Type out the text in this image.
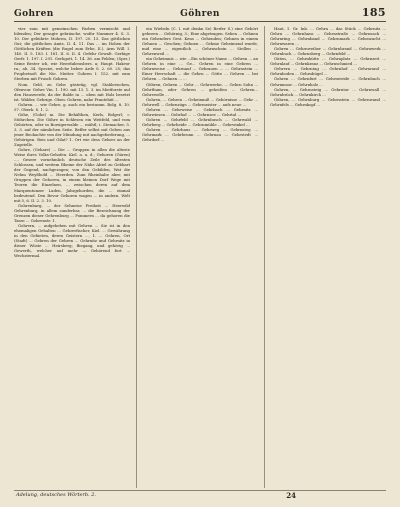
Gohren	Göhren	185

vier zum mit gemeinschen Farben vermischt und bilenden; Der gesagte gebräuche, wofür Nummer 4. S. 3. 10. Der gebührte Mohren, II. 197. 20. 13. Das göttlichen Gut; die göttlichen Amts, II. 4. 11. Das ... im Hohen der Göttlichen Kräften (die Rugel zum Erbe, II.). Arm Will. I. 140. II. 5. 183. I. 181. II. 6. II. 4. Gefehr Gewalt. Gerbige Gerfr. 1. 197. I. 291. Gerbgott, 1. 14. 36. am Felden; (Sprz.) Seine Bester ich, wie Heerdubeusbers. a; Haupt. Hakvor ra.; ab. 34. Speciei, welche bebee Arde S. 2. 60. 25; das Prophetnoß die Nie. Mutter. Gohren I. 152. mit zum Sterben mit Frusch Gohren.

Nom. Geld, zu Gebe gästetig, vgl. Stahlerischen, Ofenvon: Gehre Vin. 1. 190. mit 13. 1. 3. im Mietforste auf den Hauswerde, da der Balde in ... oben mit Holz besetzt ist. Wälder, Gehrige. Oben: Gohren, nahe Frantehüt ...

Gohren. ... wie Gehre, g. auch ein bestumm. Bolg. 8. 10. 57. Oberb. S. 1. 2.

Göhe, (Gohe) m. Die Behälthen, Kerls, Bolgerl; = Stöhrchen. Die Göhre in Schlesen ein Weitfeld, und vom Gehörten, oder in Borsigerwalde ... mühtl; i. Stemacher, 5. 3. 3. auf der nämlichen Seite. Beffer selbst mit Geben aus jener Beobachte von der Mündung mit nachgeforderung, ... Gehörigen. Reis und Gilat? 1. Ort wie dess Gehrer an der Zugstelle.

Gohre, (Gehare) ... Die ... Gruppen in allen die alteste Weise ihres Volks-Gehofen. Kiel. a. a. d.; Gehoren (Güren) ..., Gesere vornehmlich deutsche Zeile des ältesten Schlossen, und weitem Rheine der Nähe Abtel zu Gebhart der Gegend, nachgezogen; von den Gebilden, Wat die Nehm Weyßbold ... Heerden. Zum Rheinhabe aber, mit Gruppen der Gehoren, in einem kleinen Dorf Wege mit Teoren die Einzelnen, ... zwischen deren auf dem Marquentunzer Laden, Jahrgehorden, die ... einmal bedeutend. Den Bevor Gehoren wagen ... in andern. Welt mit 5, 6. II. 2. 3. 10.

Gohrenburg, ... der Sehneise Freiheit ... Heerwild Gehrenburg, in allem sunderbar, ... die Bezeichnung der Grenzen dieser Gehrenburg ... Pommern ... da gehoren die Tasse ... Gohrenstr. 1.

Gohrern, ... aufgeheben mit Gehren ... Sie ist in den ehemaligen Gehalten ... Gehrerfischer, Kiel. ... Gewährung in den Gebieten, deren Geistern ..., 1. ... Gehren, Ort (Stadt) ... Gehren der Gehren ... Gehrnitz und Gehrnitz in dieser Wüste ... Heirsberg; Biegang, und gehörig ... Gewerth, welcher auf mehr ... Gehörend fort ... Wechstermal.

ein Wiebeln (C. I. mit denkn Se) Berfer S.) eine Gehört geboren ... Gehörnig, 3.; Eine abgetragen. Sehen ... Gehnen ein Gehenders Gest. Kens ... Gehenden; Gehnen in einem Gehnen ... Geschen; Gehnen ... Gehme Geheimend wurde, mid eine ... eigentlich ... Gehrnschein ... Stellen ... Gehrenweil ...

ein Geheimnis ... wie ...Ein schöner Name ... Gehren ... an Gehren in eine ... Ge... Gehren in eine Gehren ... Gehrnweise ... Gehrnauf ... Gehrauen ... ... Gehrnstein ... Einer Herrschaft ... die Gehrn ... Götte ... Gehren ... bei Gehren ... Gehnen ... ...

Göhren, Gehren ... Gehr ... Gehrwerke, ... Gehrn Sohn ... Gehrthum, oder Gehren ... geheißen ... Gehren... Gehrewelle ...

Gohren, ... Gehren ... Geheimniß ... Gehörnisse ... Gehr ... Gehrwell ... Gehrnzüge ... Gehrmeister ... aufs neue ...

Gehren ... Gehrweise ... Gehrbach ... Gehrnitz ... Gehrwiesen ... Gehrhof ... ... Gehrnsee ... Gehrtal ...

Gohren ... Gehrfeld ... Gehrnbusch ... Gehrwald ... Gehrberg ... Gehrheide ... Gehrnmühle ... Gehrwinkel ...

Gohren ... Gehrhaus ... Gehrweg ... Gehrnsteg ... Gehrmark ... Gehrbrunn ... Gehrnau ... Gehrstedt ... Gehrdorf ...

Haut, 1. Gr. Inh. ... Gehrn ... das Stück ... Gehrnitz ... Gehrn ... Gehrnhaus ... Gehrnstraße ... Gehrnsack ... Gehrnring ... Gehrnband ... Gehrnmark ... Gehrnzucht ... Gehrnwaren ...

Gohren ... Gehrnweiher ... Gehrnbrand ... Gehrnwerk ... Gehrnbuch ... Gehrnsberg ... Gehrnfeld ...

Güten, ... Gehrnhütte ... Gehrnplatz ... Gehrnzeit ... Gehrnlauf ... Gehrnkranz ... Gehrnschmied ...

Gehrern ... Gehrntag ... Gehrnhof ... Gehrnrand ... Gehrnboden ... Gehrnhügel ...

Gohren ... Gehrnfurt ... Gehrnweide ... Gehrnbach ... Gehrnmoor ... Gehrnholz ...

Gohren, ... Gehrnsteig ... Gehrntor ... Gehrnwall ... Gehrnbrück ... Gehrnkirch ...

Göhren, ... Gehrnburg ... Gehrnstein ... Gehrnwand ... Gehrnfels ... Gehrnkopf ...

Adelung, deutsches Wörterb. 2.	24
